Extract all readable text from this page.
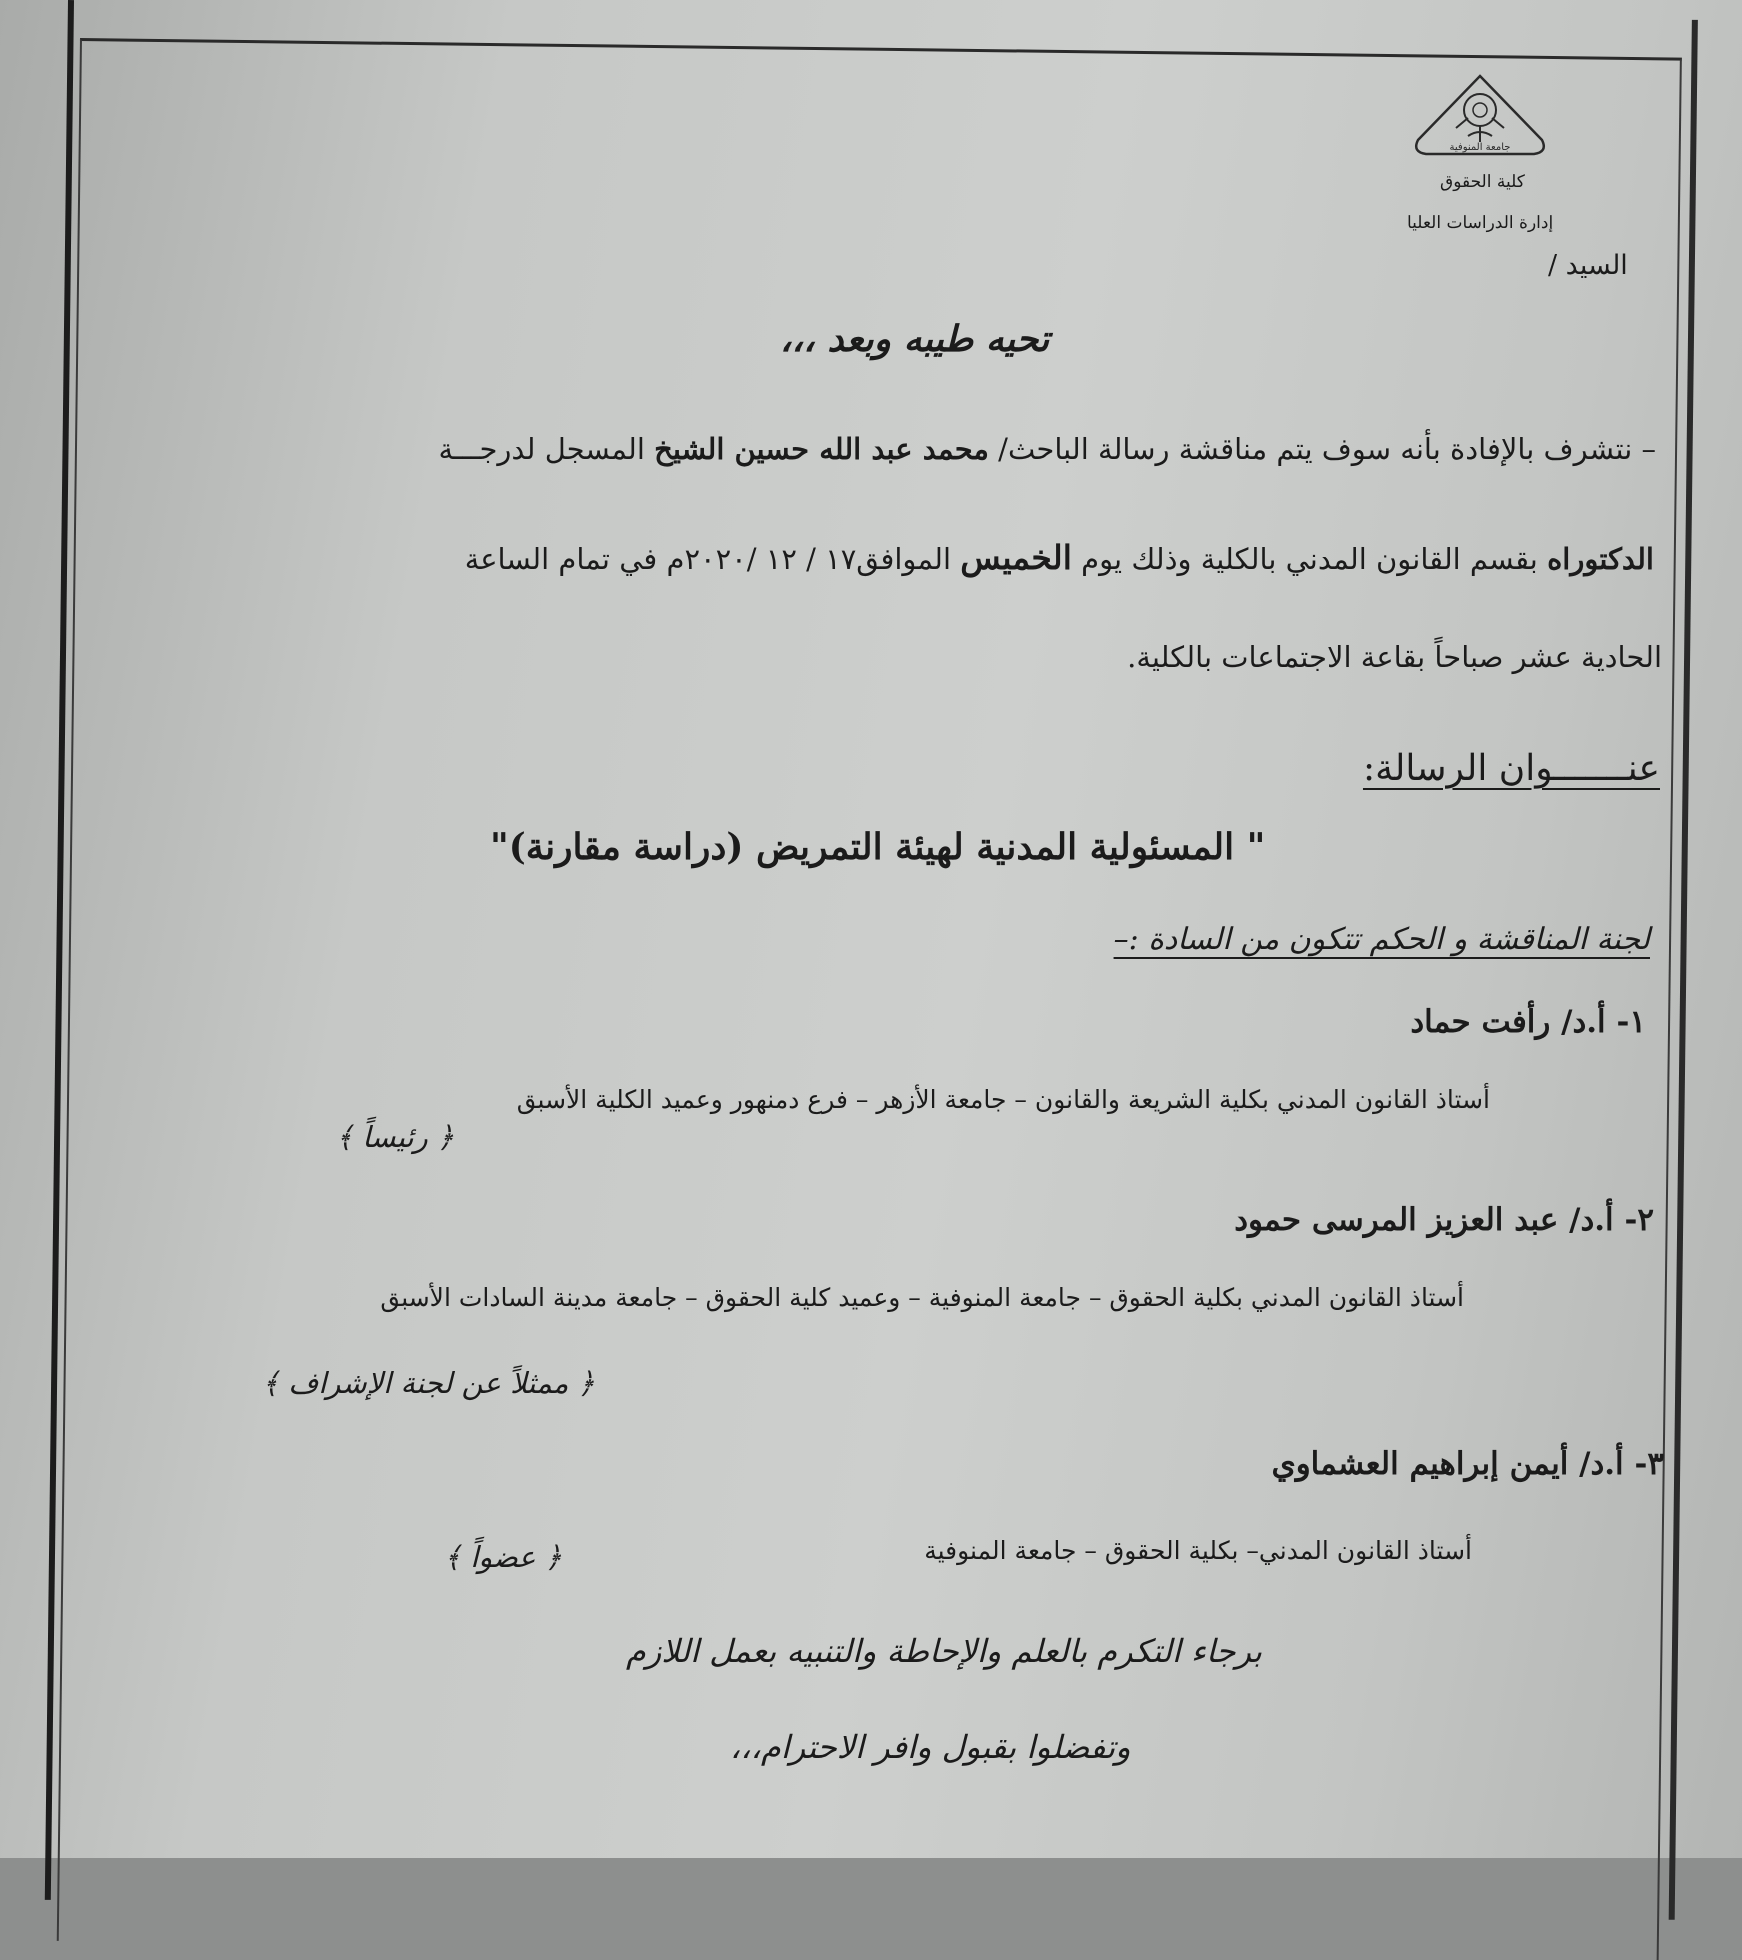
جامعة المنوفية
كلية الحقوق
إدارة الدراسات العليا
السيد /
تحيه طيبه وبعد ،،،
– نتشرف بالإفادة بأنه سوف يتم مناقشة رسالة الباحث/ محمد عبد الله حسين الشيخ المسجل لدرجـــة
الدكتوراه بقسم القانون المدني بالكلية وذلك يوم الخميس الموافق١٧ / ١٢ /٢٠٢٠م في تمام الساعة
الحادية عشر صباحاً بقاعة الاجتماعات بالكلية.
عنـــــــوان الرسالة:
" المسئولية المدنية لهيئة التمريض (دراسة مقارنة)"
لجنة المناقشة و الحكم تتكون من السادة :–
١- أ.د/ رأفت حماد
أستاذ القانون المدني بكلية الشريعة والقانون – جامعة الأزهر – فرع دمنهور وعميد الكلية الأسبق
﴿ رئيساً ﴾
٢- أ.د/ عبد العزيز المرسى حمود
أستاذ القانون المدني بكلية الحقوق – جامعة المنوفية – وعميد كلية الحقوق – جامعة مدينة السادات الأسبق
﴿ ممثلاً عن لجنة الإشراف ﴾
٣- أ.د/ أيمن إبراهيم العشماوي
أستاذ القانون المدني– بكلية الحقوق – جامعة المنوفية
﴿ عضواً ﴾
برجاء التكرم بالعلم والإحاطة والتنبيه بعمل اللازم
وتفضلوا بقبول وافر الاحترام،،،
